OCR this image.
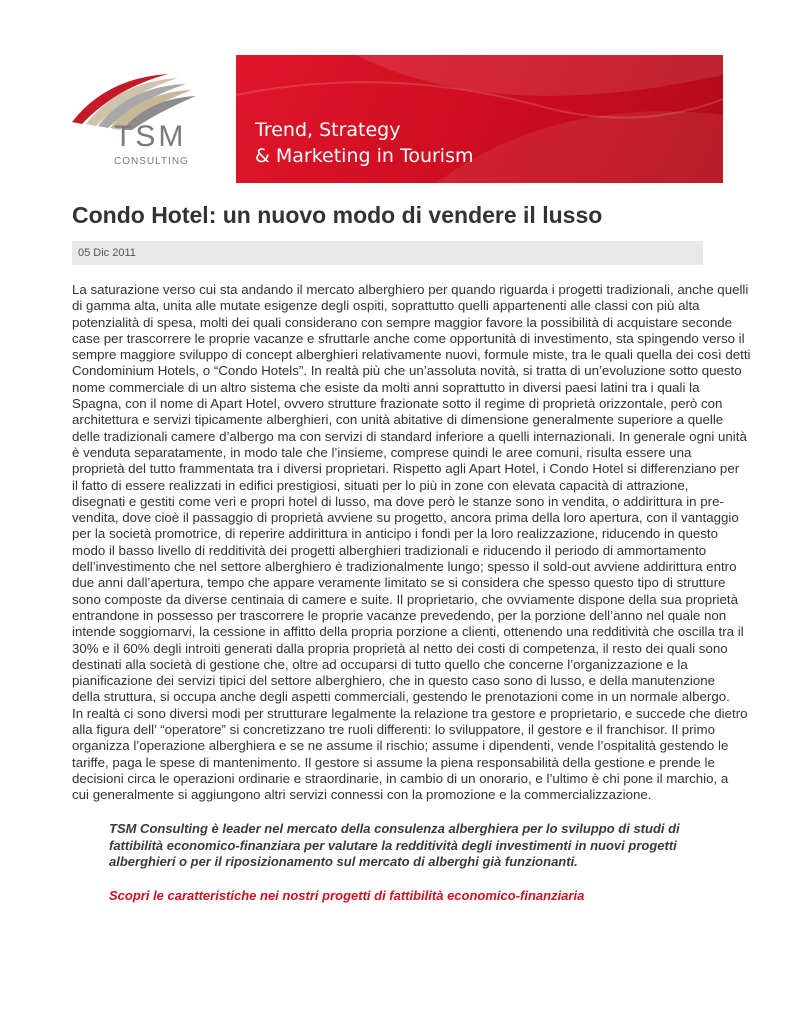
TSM
CONSULTING
Trend, Strategy
& Marketing in Tourism
Condo Hotel: un nuovo modo di vendere il lusso
05 Dic 2011

La saturazione verso cui sta andando il mercato alberghiero per quando riguarda i progetti tradizionali, anche quelli
di gamma alta, unita alle mutate esigenze degli ospiti, soprattutto quelli appartenenti alle classi con più alta
potenzialità di spesa, molti dei quali considerano con sempre maggior favore la possibilità di acquistare seconde
case per trascorrere le proprie vacanze e sfruttarle anche come opportunità di investimento, sta spingendo verso il
sempre maggiore sviluppo di concept alberghieri relativamente nuovi, formule miste, tra le quali quella dei così detti
Condominium Hotels, o “Condo Hotels”. In realtà più che un’assoluta novità, si tratta di un’evoluzione sotto questo
nome commerciale di un altro sistema che esiste da molti anni soprattutto in diversi paesi latini tra i quali la
Spagna, con il nome di Apart Hotel, ovvero strutture frazionate sotto il regime di proprietà orizzontale, però con
architettura e servizi tipicamente alberghieri, con unità abitative di dimensione generalmente superiore a quelle
delle tradizionali camere d’albergo ma con servizi di standard inferiore a quelli internazionali. In generale ogni unità
è venduta separatamente, in modo tale che l’insieme, comprese quindi le aree comuni, risulta essere una
proprietà del tutto frammentata tra i diversi proprietari. Rispetto agli Apart Hotel, i Condo Hotel si differenziano per
il fatto di essere realizzati in edifici prestigiosi, situati per lo più in zone con elevata capacità di attrazione,
disegnati e gestiti come veri e propri hotel di lusso, ma dove però le stanze sono in vendita, o addirittura in pre-
vendita, dove cioè il passaggio di proprietà avviene su progetto, ancora prima della loro apertura, con il vantaggio
per la società promotrice, di reperire addirittura in anticipo i fondi per la loro realizzazione, riducendo in questo
modo il basso livello di redditività dei progetti alberghieri tradizionali e riducendo il periodo di ammortamento
dell’investimento che nel settore alberghiero è tradizionalmente lungo; spesso il sold-out avviene addirittura entro
due anni dall’apertura, tempo che appare veramente limitato se si considera che spesso questo tipo di strutture
sono composte da diverse centinaia di camere e suite. Il proprietario, che ovviamente dispone della sua proprietà
entrandone in possesso per trascorrere le proprie vacanze prevedendo, per la porzione dell’anno nel quale non
intende soggiornarvi, la cessione in affitto della propria porzione a clienti, ottenendo una redditività che oscilla tra il
30% e il 60% degli introiti generati dalla propria proprietà al netto dei costi di competenza, il resto dei quali sono
destinati alla società di gestione che, oltre ad occuparsi di tutto quello che concerne l’organizzazione e la
pianificazione dei servizi tipici del settore alberghiero, che in questo caso sono di lusso, e della manutenzione
della struttura, si occupa anche degli aspetti commerciali, gestendo le prenotazioni come in un normale albergo.
In realtà ci sono diversi modi per strutturare legalmente la relazione tra gestore e proprietario, e succede che dietro
alla figura dell’ “operatore” si concretizzano tre ruoli differenti: lo sviluppatore, il gestore e il franchisor. Il primo
organizza l’operazione alberghiera e se ne assume il rischio; assume i dipendenti, vende l’ospitalità gestendo le
tariffe, paga le spese di mantenimento. Il gestore si assume la piena responsabilità della gestione e prende le
decisioni circa le operazioni ordinarie e straordinarie, in cambio di un onorario, e l’ultimo è chi pone il marchio, a
cui generalmente si aggiungono altri servizi connessi con la promozione e la commercializzazione.

TSM Consulting è leader nel mercato della consulenza alberghiera per lo sviluppo di studi di
fattibilità economico-finanziara per valutare la redditività degli investimenti in nuovi progetti
alberghieri o per il riposizionamento sul mercato di alberghi già funzionanti.

Scopri le caratteristiche nei nostri progetti di fattibilità economico-finanziaria
